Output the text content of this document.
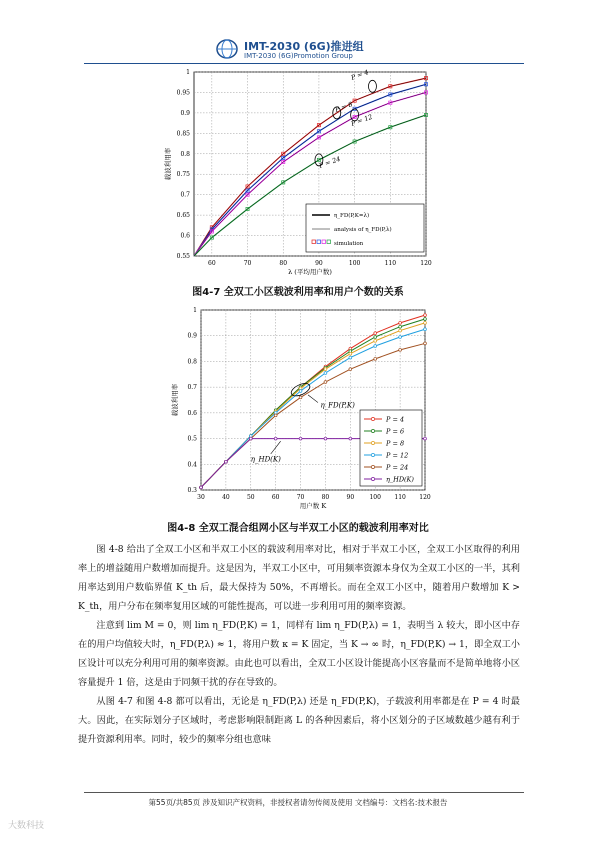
IMT-2030 (6G)推进组
IMT-2030 (6G)Promotion Group
60	70	80	90	100	110	120
0.55
0.6
0.65
0.7
0.75
0.8
0.85
0.9
0.95
1
λ (平均用户数)
载波利用率
P = 4
P = 8
P = 12
P = 24
η_FD(P,K=λ)
analysis of η_FD(P,λ)
simulation
图4-7 全双工小区载波利用率和用户个数的关系
30	40	50	60	70	80	90	100 110 120
0.3
0.4
0.5
0.6
0.7
0.8
0.9
1
用户数 K
载波利用率	η_FD(P,K)
η_HD(K)
P = 4
P = 6
P = 8
P = 12
P = 24
η_HD(K)
图4-8 全双工混合组网小区与半双工小区的载波利用率对比

图 4-8 给出了全双工小区和半双工小区的载波利用率对比，相对于半双工小区，全双工小区取得的利用率上的增益随用户数增加而提升。这是因为，半双工小区中，可用频率资源本身仅为全双工小区的一半，其利用率达到用户数临界值 K_th 后，最大保持为 50%，不再增长。而在全双工小区中，随着用户数增加 K > K_th，用户分布在频率复用区域的可能性提高，可以进一步利用可用的频率资源。

注意到 lim M = 0，则 lim η_FD(P,K) = 1，同样有 lim η_FD(P,λ) = 1，表明当 λ 较大，即小区中存在的用户均值较大时，η_FD(P,λ) ≈ 1，将用户数 κ = K 固定，当 K → ∞ 时，η_FD(P,K) → 1，即全双工小区设计可以充分利用可用的频率资源。由此也可以看出，全双工小区设计能提高小区容量而不是简单地将小区容量提升 1 倍，这是由于同频干扰的存在导致的。

从图 4-7 和图 4-8 都可以看出，无论是 η_FD(P,λ) 还是 η_FD(P,K)，子载波利用率都是在 P = 4 时最大。因此，在实际划分子区域时，考虑影响限制距离 L 的各种因素后，将小区划分的子区域数越少越有利于提升资源利用率。同时，较少的频率分组也意味

第55页/共85页 涉及知识产权资料，非授权者请勿传阅及使用 文档编号：文档名:技术报告
大数科技
